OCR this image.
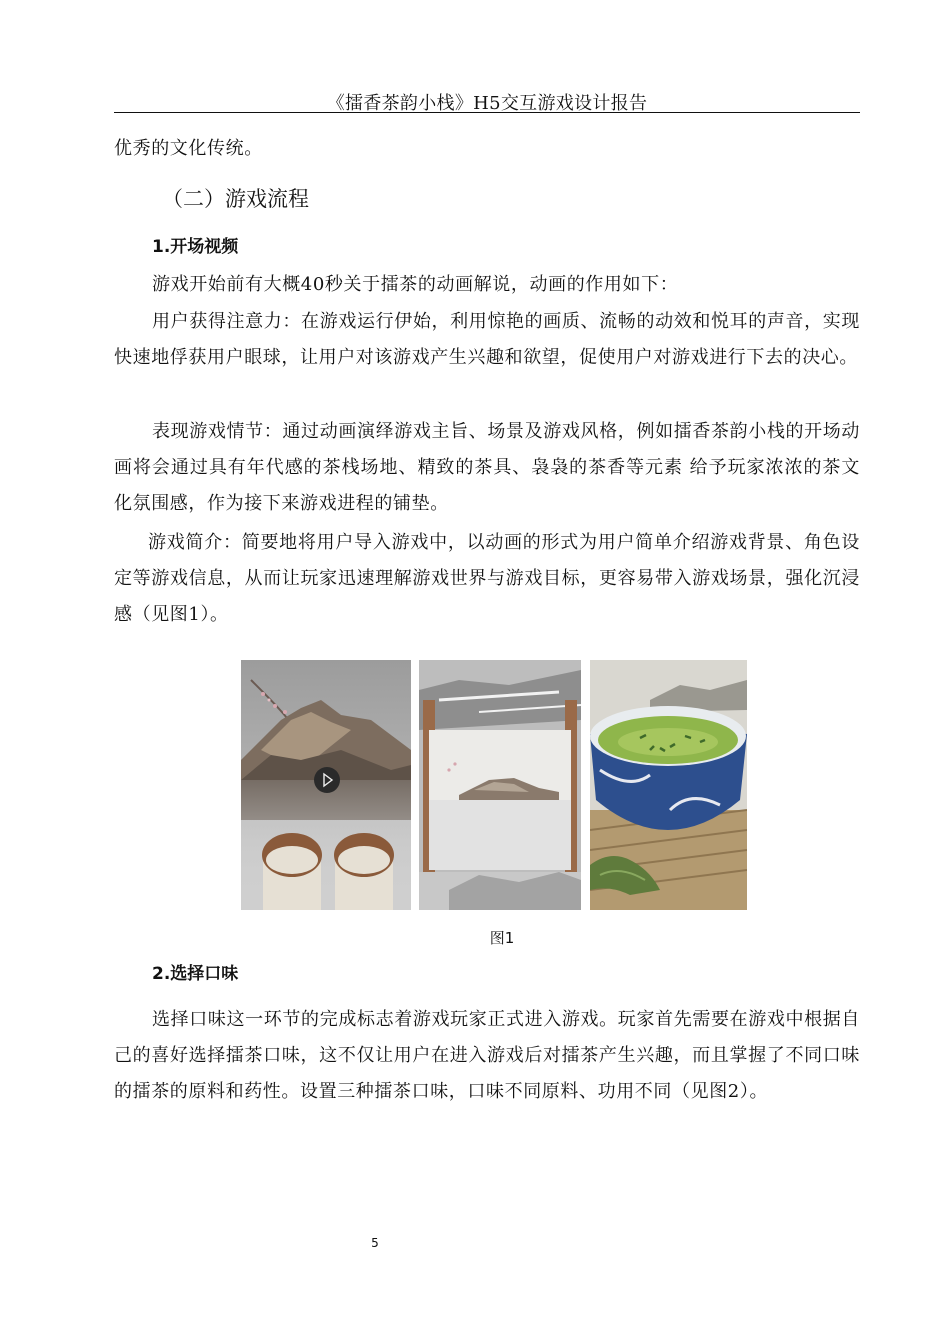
《擂香茶韵小栈》H5交互游戏设计报告

优秀的文化传统。

（二）游戏流程
1.开场视频

游戏开始前有大概40秒关于擂茶的动画解说，动画的作用如下：

用户获得注意力：在游戏运行伊始，利用惊艳的画质、流畅的动效和悦耳的声音，实现快速地俘获用户眼球，让用户对该游戏产生兴趣和欲望，促使用户对游戏进行下去的决心。

表现游戏情节：通过动画演绎游戏主旨、场景及游戏风格，例如擂香茶韵小栈的开场动画将会通过具有年代感的茶栈场地、精致的茶具、袅袅的茶香等元素 给予玩家浓浓的茶文化氛围感，作为接下来游戏进程的铺垫。

游戏简介：简要地将用户导入游戏中，以动画的形式为用户简单介绍游戏背景、角色设定等游戏信息，从而让玩家迅速理解游戏世界与游戏目标，更容易带入游戏场景，强化沉浸感（见图1）。

图1
2.选择口味

选择口味这一环节的完成标志着游戏玩家正式进入游戏。玩家首先需要在游戏中根据自己的喜好选择擂茶口味，这不仅让用户在进入游戏后对擂茶产生兴趣，而且掌握了不同口味的擂茶的原料和药性。设置三种擂茶口味，口味不同原料、功用不同（见图2）。

5
